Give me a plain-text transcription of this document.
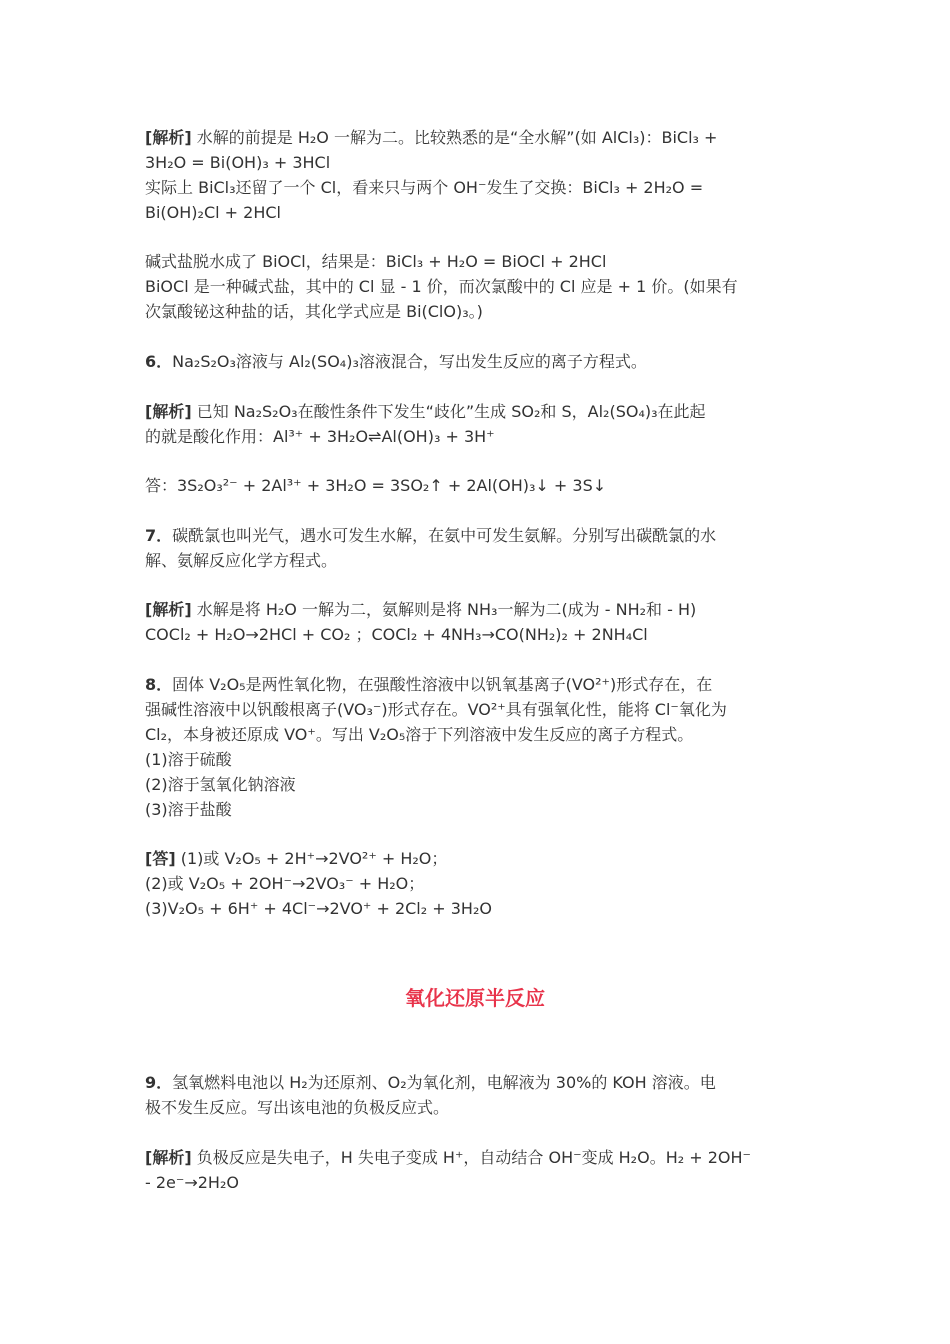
[解析] 水解的前提是 H₂O 一解为二。比较熟悉的是“全水解”(如 AlCl₃)：BiCl₃ +
3H₂O = Bi(OH)₃ + 3HCl
实际上 BiCl₃还留了一个 Cl，看来只与两个 OH⁻发生了交换：BiCl₃ + 2H₂O =
Bi(OH)₂Cl + 2HCl
碱式盐脱水成了 BiOCl，结果是：BiCl₃ + H₂O = BiOCl + 2HCl
BiOCl 是一种碱式盐，其中的 Cl 显 - 1 价，而次氯酸中的 Cl 应是 + 1 价。(如果有
次氯酸铋这种盐的话，其化学式应是 Bi(ClO)₃。)
6．Na₂S₂O₃溶液与 Al₂(SO₄)₃溶液混合，写出发生反应的离子方程式。
[解析] 已知 Na₂S₂O₃在酸性条件下发生“歧化”生成 SO₂和 S，Al₂(SO₄)₃在此起
的就是酸化作用：Al³⁺ + 3H₂O⇌Al(OH)₃ + 3H⁺
答：3S₂O₃²⁻ + 2Al³⁺ + 3H₂O = 3SO₂↑ + 2Al(OH)₃↓ + 3S↓
7．碳酰氯也叫光气，遇水可发生水解，在氨中可发生氨解。分别写出碳酰氯的水
解、氨解反应化学方程式。
[解析] 水解是将 H₂O 一解为二，氨解则是将 NH₃一解为二(成为 - NH₂和 - H)
COCl₂ + H₂O→2HCl + CO₂ ；COCl₂ + 4NH₃→CO(NH₂)₂ + 2NH₄Cl
8．固体 V₂O₅是两性氧化物，在强酸性溶液中以钒氧基离子(VO²⁺)形式存在，在
强碱性溶液中以钒酸根离子(VO₃⁻)形式存在。VO²⁺具有强氧化性，能将 Cl⁻氧化为
Cl₂，本身被还原成 VO⁺。写出 V₂O₅溶于下列溶液中发生反应的离子方程式。
(1)溶于硫酸
(2)溶于氢氧化钠溶液
(3)溶于盐酸
[答] (1)或 V₂O₅ + 2H⁺→2VO²⁺ + H₂O；
(2)或 V₂O₅ + 2OH⁻→2VO₃⁻ + H₂O；
(3)V₂O₅ + 6H⁺ + 4Cl⁻→2VO⁺ + 2Cl₂ + 3H₂O
氧化还原半反应
9．氢氧燃料电池以 H₂为还原剂、O₂为氧化剂，电解液为 30%的 KOH 溶液。电
极不发生反应。写出该电池的负极反应式。
[解析] 负极反应是失电子，H 失电子变成 H⁺，自动结合 OH⁻变成 H₂O。H₂ + 2OH⁻
- 2e⁻→2H₂O
